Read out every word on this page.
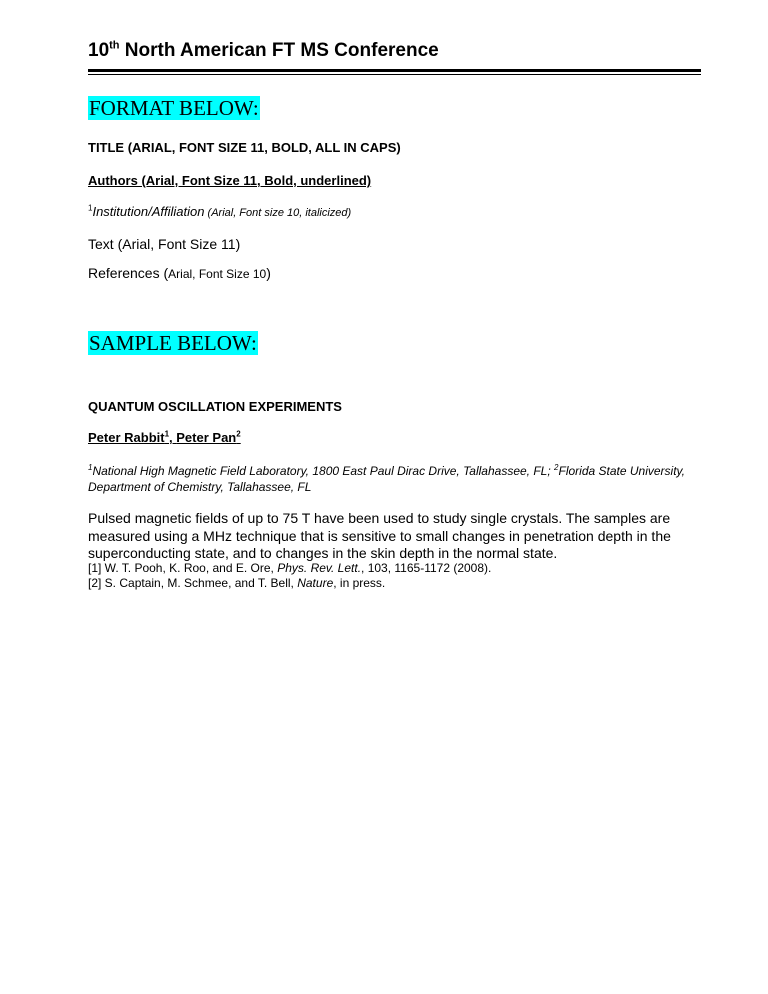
10th North American FT MS Conference
FORMAT BELOW:
TITLE (ARIAL, FONT SIZE 11, BOLD, ALL IN CAPS)
Authors (Arial, Font Size 11, Bold, underlined)
$^1$Institution/Affiliation (Arial, Font size 10, italicized)
Text (Arial, Font Size 11)
References (Arial, Font Size 10)
SAMPLE BELOW:
QUANTUM OSCILLATION EXPERIMENTS
Peter Rabbit$^1$, Peter Pan$^2$
$^1$National High Magnetic Field Laboratory, 1800 East Paul Dirac Drive, Tallahassee, FL; $^2$Florida State University, Department of Chemistry, Tallahassee, FL
Pulsed magnetic fields of up to 75 T have been used to study single crystals. The samples are measured using a MHz technique that is sensitive to small changes in penetration depth in the superconducting state, and to changes in the skin depth in the normal state.
[1] W. T. Pooh, K. Roo, and E. Ore, Phys. Rev. Lett., 103, 1165-1172 (2008).
[2] S. Captain, M. Schmee, and T. Bell, Nature, in press.
